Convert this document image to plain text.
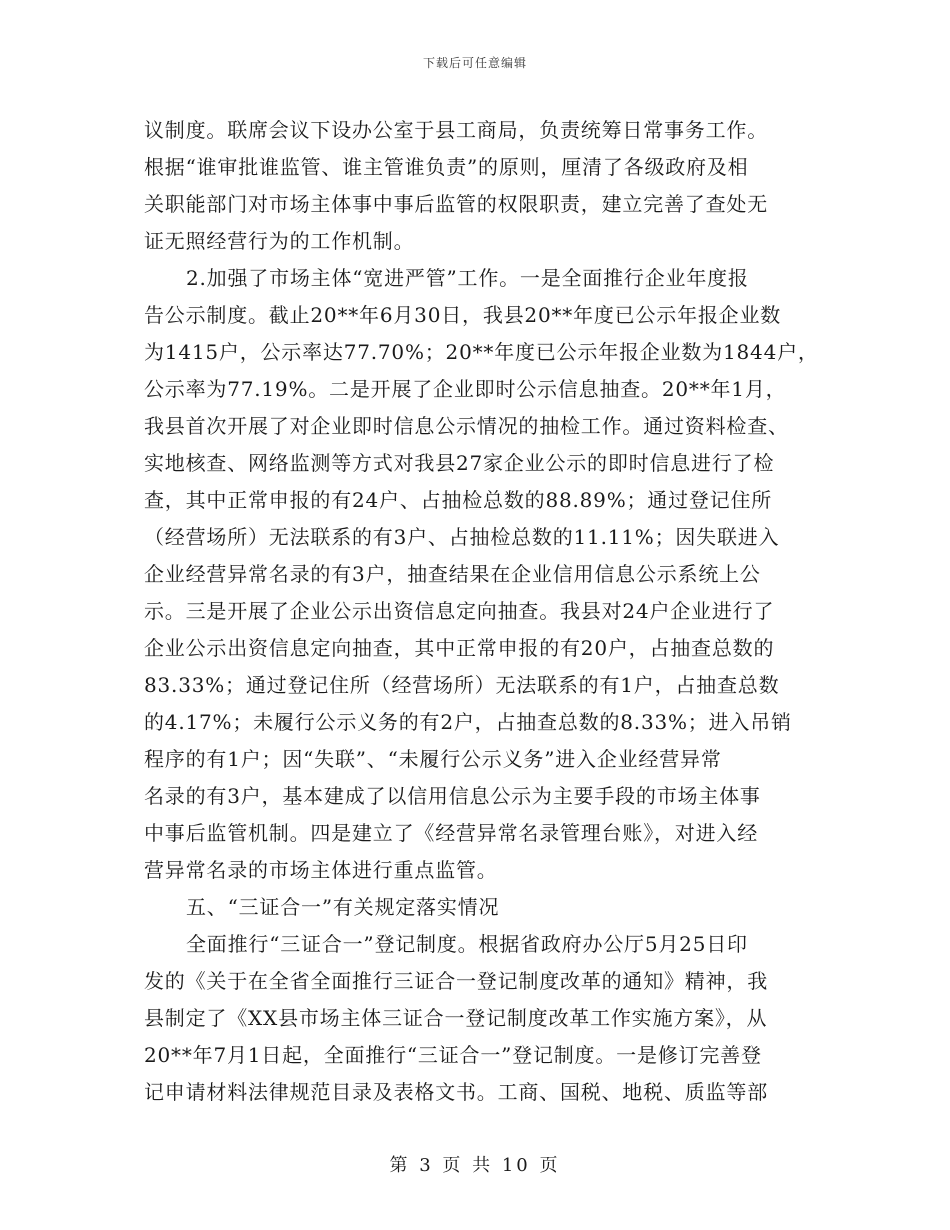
下载后可任意编辑
议制度。联席会议下设办公室于县工商局，负责统筹日常事务工作。
根据“谁审批谁监管、谁主管谁负责”的原则，厘清了各级政府及相
关职能部门对市场主体事中事后监管的权限职责，建立完善了查处无
证无照经营行为的工作机制。
2.加强了市场主体“宽进严管”工作。一是全面推行企业年度报
告公示制度。截止20**年6月30日，我县20**年度已公示年报企业数
为1415户，公示率达77.70%；20**年度已公示年报企业数为1844户，
公示率为77.19%。二是开展了企业即时公示信息抽查。20**年1月，
我县首次开展了对企业即时信息公示情况的抽检工作。通过资料检查、
实地核查、网络监测等方式对我县27家企业公示的即时信息进行了检
查，其中正常申报的有24户、占抽检总数的88.89%；通过登记住所
（经营场所）无法联系的有3户、占抽检总数的11.11%；因失联进入
企业经营异常名录的有3户，抽查结果在企业信用信息公示系统上公
示。三是开展了企业公示出资信息定向抽查。我县对24户企业进行了
企业公示出资信息定向抽查，其中正常申报的有20户，占抽查总数的
83.33%；通过登记住所（经营场所）无法联系的有1户，占抽查总数
的4.17%；未履行公示义务的有2户，占抽查总数的8.33%；进入吊销
程序的有1户；因“失联”、“未履行公示义务”进入企业经营异常
名录的有3户，基本建成了以信用信息公示为主要手段的市场主体事
中事后监管机制。四是建立了《经营异常名录管理台账》，对进入经
营异常名录的市场主体进行重点监管。
五、“三证合一”有关规定落实情况
全面推行“三证合一”登记制度。根据省政府办公厅5月25日印
发的《关于在全省全面推行三证合一登记制度改革的通知》精神，我
县制定了《XX县市场主体三证合一登记制度改革工作实施方案》，从
20**年7月1日起，全面推行“三证合一”登记制度。一是修订完善登
记申请材料法律规范目录及表格文书。工商、国税、地税、质监等部
第 3 页 共 10 页
